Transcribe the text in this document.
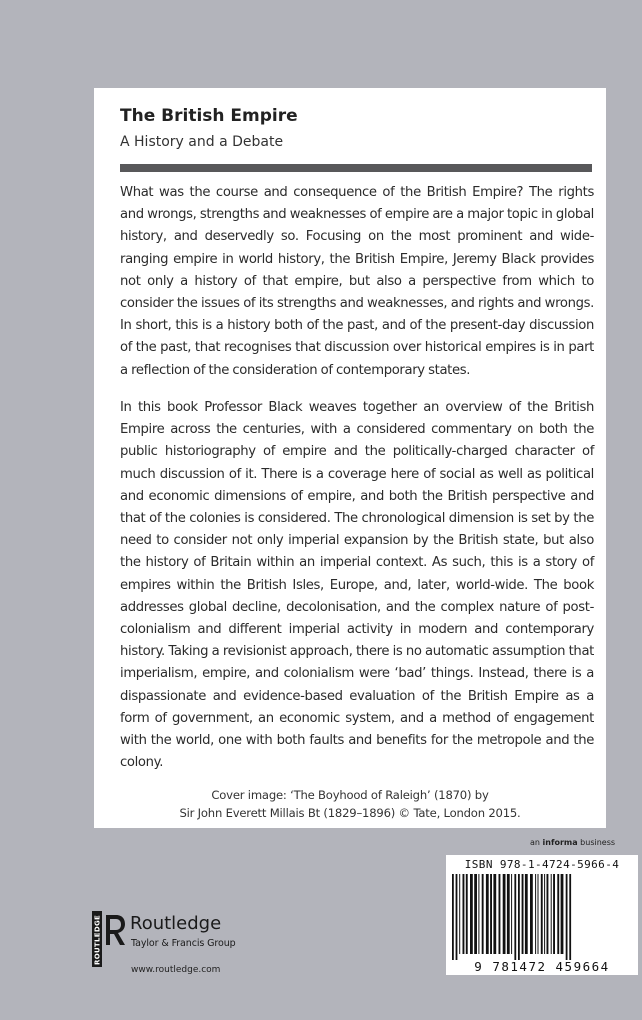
The British Empire
A History and a Debate

What was the course and consequence of the British Empire? The rights and wrongs, strengths and weaknesses of empire are a major topic in global history, and deservedly so. Focusing on the most prominent and wide-ranging empire in world history, the British Empire, Jeremy Black provides not only a history of that empire, but also a perspective from which to consider the issues of its strengths and weaknesses, and rights and wrongs. In short, this is a history both of the past, and of the present-day discussion of the past, that recognises that discussion over historical empires is in part a reflection of the consideration of contemporary states.

In this book Professor Black weaves together an overview of the British Empire across the centuries, with a considered commentary on both the public historiography of empire and the politically-charged character of much discussion of it. There is a coverage here of social as well as political and economic dimensions of empire, and both the British perspective and that of the colonies is considered. The chronological dimension is set by the need to consider not only imperial expansion by the British state, but also the history of Britain within an imperial context. As such, this is a story of empires within the British Isles, Europe, and, later, world-wide. The book addresses global decline, decolonisation, and the complex nature of post-colonialism and different imperial activity in modern and contemporary history. Taking a revisionist approach, there is no automatic assumption that imperialism, empire, and colonialism were ‘bad’ things. Instead, there is a dispassionate and evidence-based evaluation of the British Empire as a form of government, an economic system, and a method of engagement with the world, one with both faults and benefits for the metropole and the colony.

Cover image: ‘The Boyhood of Raleigh’ (1870) by
Sir John Everett Millais Bt (1829–1896) © Tate, London 2015.
an informa business
ISBN 978-1-4724-5966-4
9 781472 459664
ROUTLEDGE Routledge
Taylor & Francis Group
www.routledge.com
